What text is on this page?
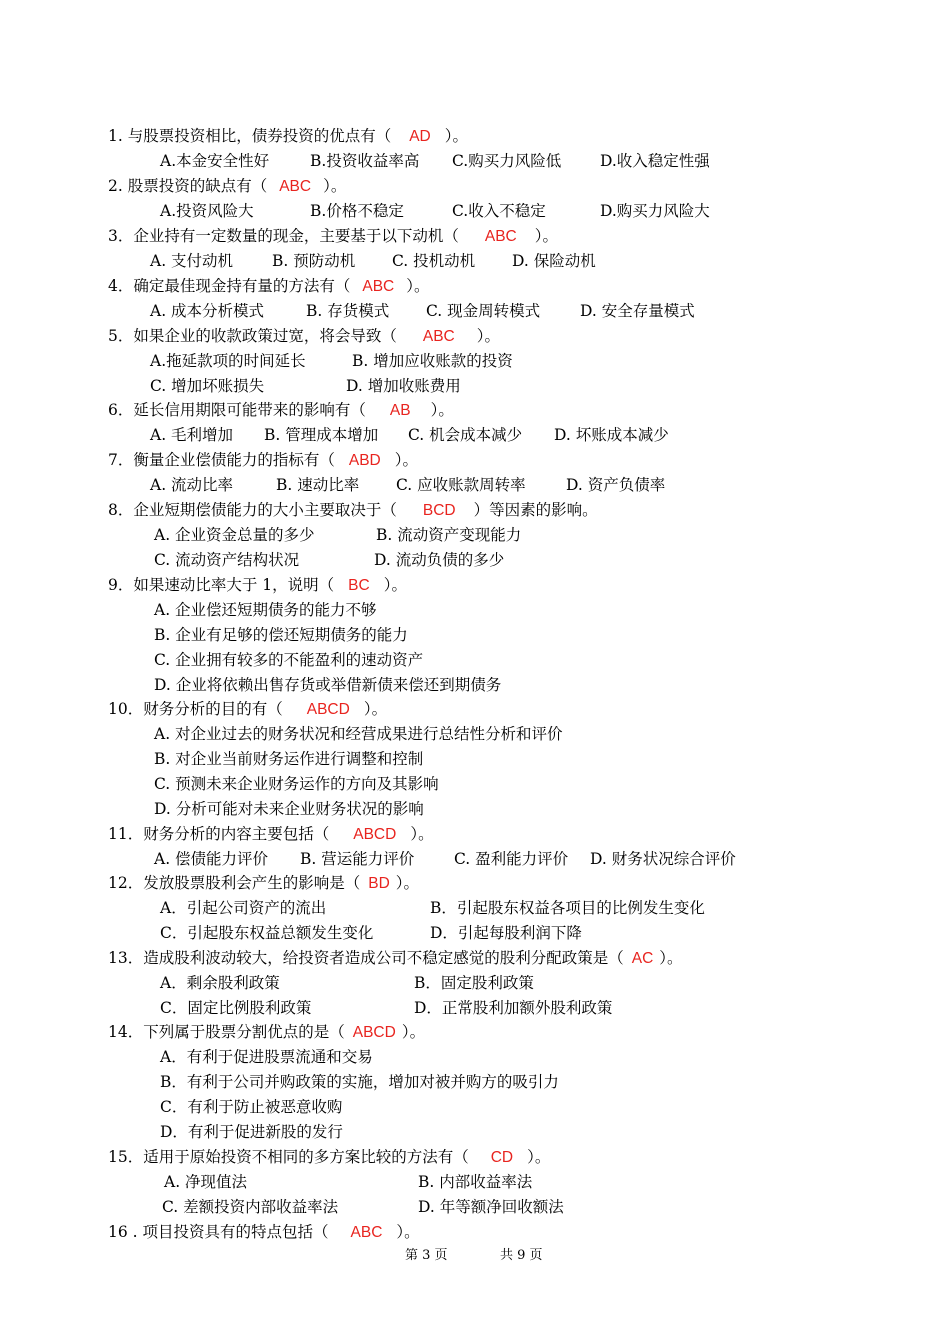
1. 与股票投资相比，债券投资的优点有（ AD ）。
A.本金安全性好	B.投资收益率高 C.购买力风险低	D.收入稳定性强
2. 股票投资的缺点有（ ABC ）。
A.投资风险大	B.价格不稳定	C.收入不稳定	D.购买力风险大
3．企业持有一定数量的现金，主要基于以下动机（ ABC ）。
A. 支付动机	B. 预防动机 C. 投机动机 D. 保险动机
4．确定最佳现金持有量的方法有（ ABC ）。
A. 成本分析模式	B. 存货模式 C. 现金周转模式	D. 安全存量模式
5．如果企业的收款政策过宽，将会导致（ ABC ）。
A.拖延款项的时间延长	B. 增加应收账款的投资
C. 增加坏账损失	D. 增加收账费用
6．延长信用期限可能带来的影响有（ AB ）。
A. 毛利增加 B. 管理成本增加 C. 机会成本减少 D. 坏账成本减少
7．衡量企业偿债能力的指标有（ ABD ）。
A. 流动比率	B. 速动比率 C. 应收账款周转率	D. 资产负债率
8．企业短期偿债能力的大小主要取决于（ BCD ）等因素的影响。
A. 企业资金总量的多少	B. 流动资产变现能力
C. 流动资产结构状况	D. 流动负债的多少
9．如果速动比率大于 1，说明（ BC ）。
A. 企业偿还短期债务的能力不够
B. 企业有足够的偿还短期债务的能力
C. 企业拥有较多的不能盈利的速动资产
D. 企业将依赖出售存货或举借新债来偿还到期债务
10．财务分析的目的有（ ABCD ）。
A. 对企业过去的财务状况和经营成果进行总结性分析和评价
B. 对企业当前财务运作进行调整和控制
C. 预测未来企业财务运作的方向及其影响
D. 分析可能对未来企业财务状况的影响
11．财务分析的内容主要包括（ ABCD ）。
A. 偿债能力评价 B. 营运能力评价	C. 盈利能力评价 D. 财务状况综合评价
12．发放股票股利会产生的影响是（ BD ）。
A．引起公司资产的流出	B．引起股东权益各项目的比例发生变化
C．引起股东权益总额发生变化	D．引起每股利润下降
13．造成股利波动较大，给投资者造成公司不稳定感觉的股利分配政策是（ AC ）。
A．剩余股利政策	B．固定股利政策
C．固定比例股利政策	D．正常股利加额外股利政策
14．下列属于股票分割优点的是（ ABCD ）。
A．有利于促进股票流通和交易
B．有利于公司并购政策的实施，增加对被并购方的吸引力
C．有利于防止被恶意收购
D．有利于促进新股的发行
15．适用于原始投资不相同的多方案比较的方法有（ CD ）。
A. 净现值法	B. 内部收益率法
C. 差额投资内部收益率法	D. 年等额净回收额法
16 . 项目投资具有的特点包括（ ABC ）。
第 3 页	共 9 页
